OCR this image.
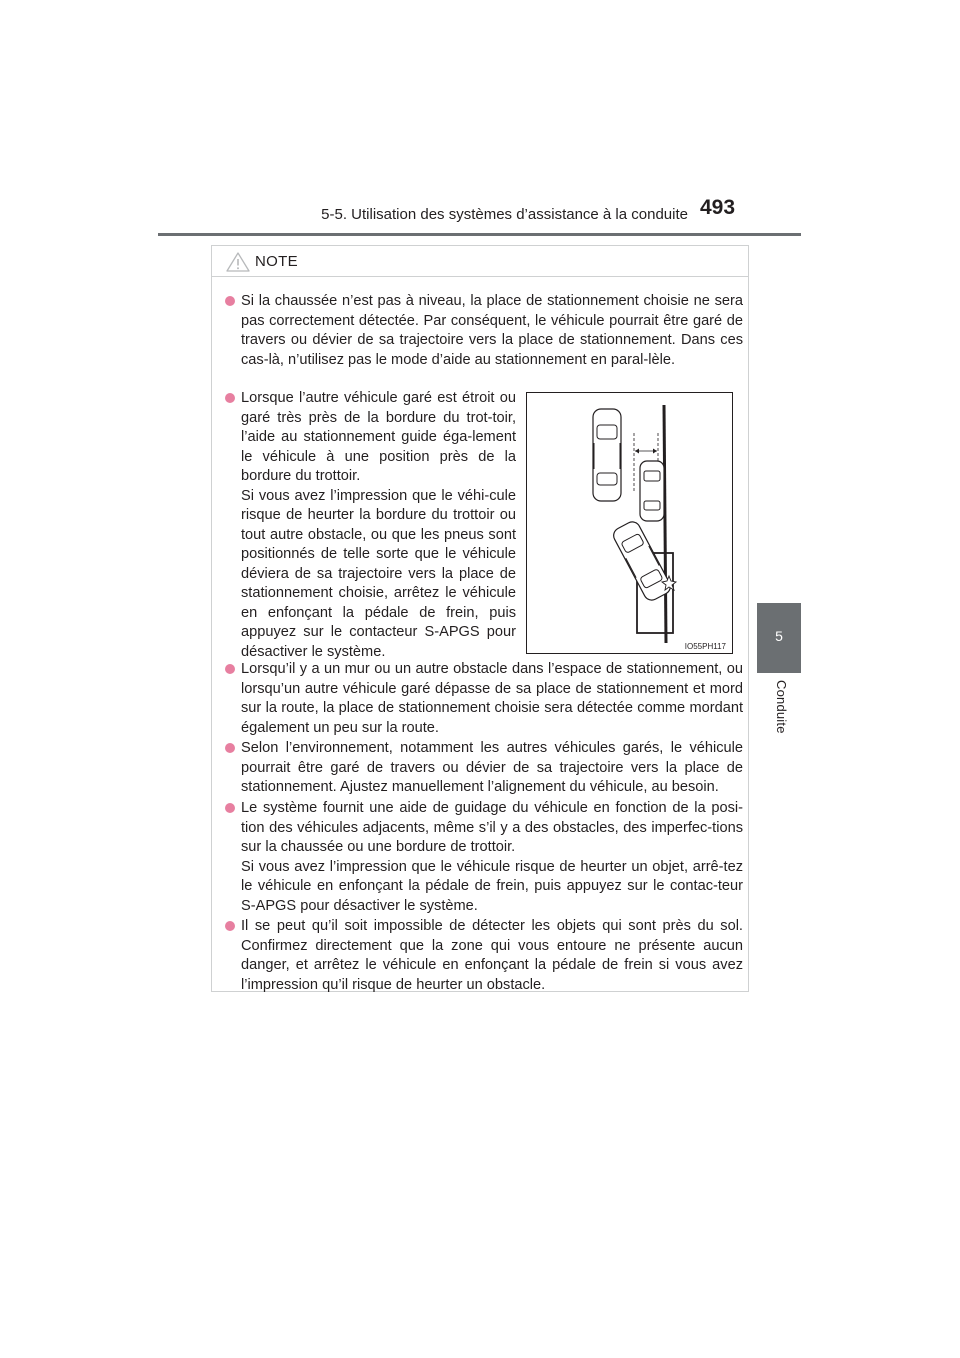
5-5. Utilisation des systèmes d’assistance à la conduite 493
5
Conduite
NOTE
Si la chaussée n’est pas à niveau, la place de stationnement choisie ne sera pas correctement détectée. Par conséquent, le véhicule pourrait être garé de travers ou dévier de sa trajectoire vers la place de stationnement. Dans ces cas-là, n’utilisez pas le mode d’aide au stationnement en paral-lèle.
Lorsque l’autre véhicule garé est étroit ou garé très près de la bordure du trot-toir, l’aide au stationnement guide éga-lement le véhicule à une position près de la bordure du trottoir.
Si vous avez l’impression que le véhi-cule risque de heurter la bordure du trottoir ou tout autre obstacle, ou que les pneus sont positionnés de telle sorte que le véhicule déviera de sa trajectoire vers la place de stationnement choisie, arrêtez le véhicule en enfonçant la pédale de frein, puis appuyez sur le contacteur S-APGS pour désactiver le système.	IO55PH117
Lorsqu’il y a un mur ou un autre obstacle dans l’espace de stationnement, ou lorsqu’un autre véhicule garé dépasse de sa place de stationnement et mord sur la route, la place de stationnement choisie sera détectée comme mordant également un peu sur la route.
Selon l’environnement, notamment les autres véhicules garés, le véhicule pourrait être garé de travers ou dévier de sa trajectoire vers la place de stationnement. Ajustez manuellement l’alignement du véhicule, au besoin.
Le système fournit une aide de guidage du véhicule en fonction de la posi-tion des véhicules adjacents, même s’il y a des obstacles, des imperfec-tions sur la chaussée ou une bordure de trottoir.
Si vous avez l’impression que le véhicule risque de heurter un objet, arrê-tez le véhicule en enfonçant la pédale de frein, puis appuyez sur le contac-teur S-APGS pour désactiver le système.
Il se peut qu’il soit impossible de détecter les objets qui sont près du sol. Confirmez directement que la zone qui vous entoure ne présente aucun danger, et arrêtez le véhicule en enfonçant la pédale de frein si vous avez l’impression qu’il risque de heurter un obstacle.
